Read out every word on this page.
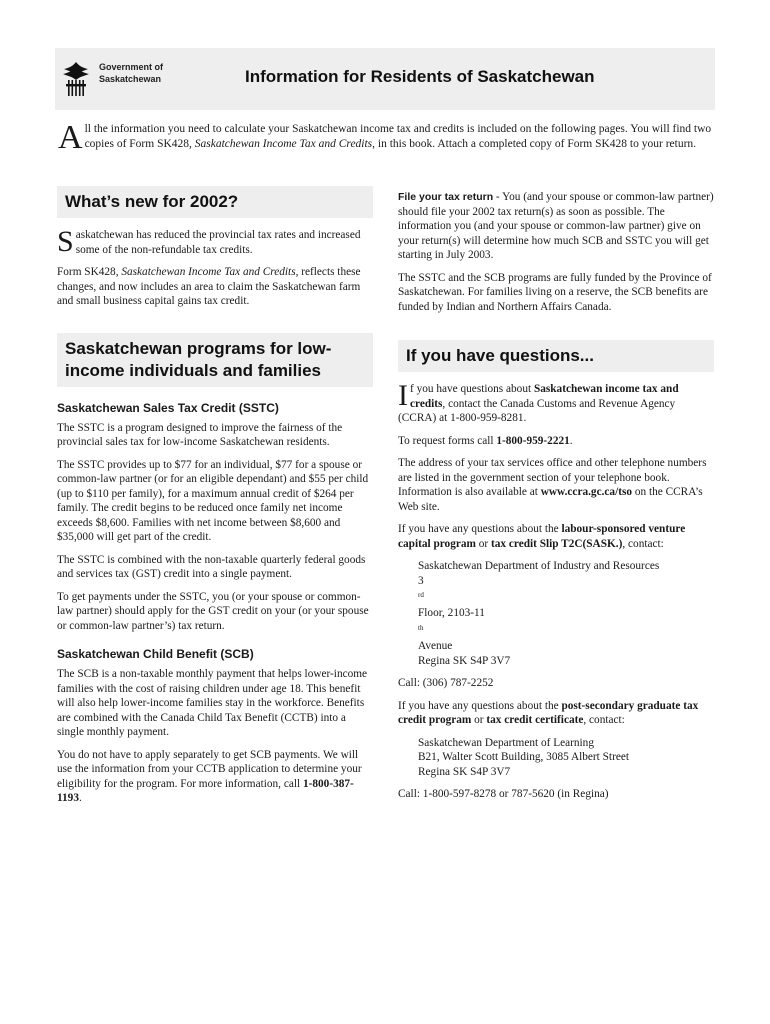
Government of
Saskatchewan	Information for Residents of Saskatchewan
All the information you need to calculate your Saskatchewan income tax and credits is included on the following pages. You will find two copies of Form SK428, Saskatchewan Income Tax and Credits, in this book. Attach a completed copy of Form SK428 to your return.
What’s new for 2002?

Saskatchewan has reduced the provincial tax rates and increased some of the non-refundable tax credits.

Form SK428, Saskatchewan Income Tax and Credits, reflects these changes, and now includes an area to claim the Saskatchewan farm and small business capital gains tax credit.

Saskatchewan programs for low-income individuals and families
Saskatchewan Sales Tax Credit (SSTC)

The SSTC is a program designed to improve the fairness of the provincial sales tax for low-income Saskatchewan residents.

The SSTC provides up to $77 for an individual, $77 for a spouse or common-law partner (or for an eligible dependant) and $55 per child (up to $110 per family), for a maximum annual credit of $264 per family. The credit begins to be reduced once family net income exceeds $8,600. Families with net income between $8,600 and $35,000 will get part of the credit.

The SSTC is combined with the non-taxable quarterly federal goods and services tax (GST) credit into a single payment.

To get payments under the SSTC, you (or your spouse or common-law partner) should apply for the GST credit on your (or your spouse or common-law partner’s) tax return.

Saskatchewan Child Benefit (SCB)

The SCB is a non-taxable monthly payment that helps lower-income families with the cost of raising children under age 18. This benefit will also help lower-income families stay in the workforce. Benefits are combined with the Canada Child Tax Benefit (CCTB) into a single monthly payment.

You do not have to apply separately to get SCB payments. We will use the information from your CCTB application to determine your eligibility for the program. For more information, call 1-800-387-1193.

File your tax return - You (and your spouse or common-law partner) should file your 2002 tax return(s) as soon as possible. The information you (and your spouse or common-law partner) give on your return(s) will determine how much SCB and SSTC you will get starting in July 2003.

The SSTC and the SCB programs are fully funded by the Province of Saskatchewan. For families living on a reserve, the SCB benefits are funded by Indian and Northern Affairs Canada.

If you have questions...

If you have questions about Saskatchewan income tax and credits, contact the Canada Customs and Revenue Agency (CCRA) at 1-800-959-8281.

To request forms call 1-800-959-2221.

The address of your tax services office and other telephone numbers are listed in the government section of your telephone book. Information is also available at www.ccra.gc.ca/tso on the CCRA’s Web site.

If you have any questions about the labour-sponsored venture capital program or tax credit Slip T2C(SASK.), contact:

Saskatchewan Department of Industry and Resources
3
$^{rd}$
Floor, 2103-11
$^{th}$
Avenue
Regina SK S4P 3V7

Call: (306) 787-2252

If you have any questions about the post-secondary graduate tax credit program or tax credit certificate, contact:

Saskatchewan Department of Learning
B21, Walter Scott Building, 3085 Albert Street
Regina SK S4P 3V7

Call: 1-800-597-8278 or 787-5620 (in Regina)
